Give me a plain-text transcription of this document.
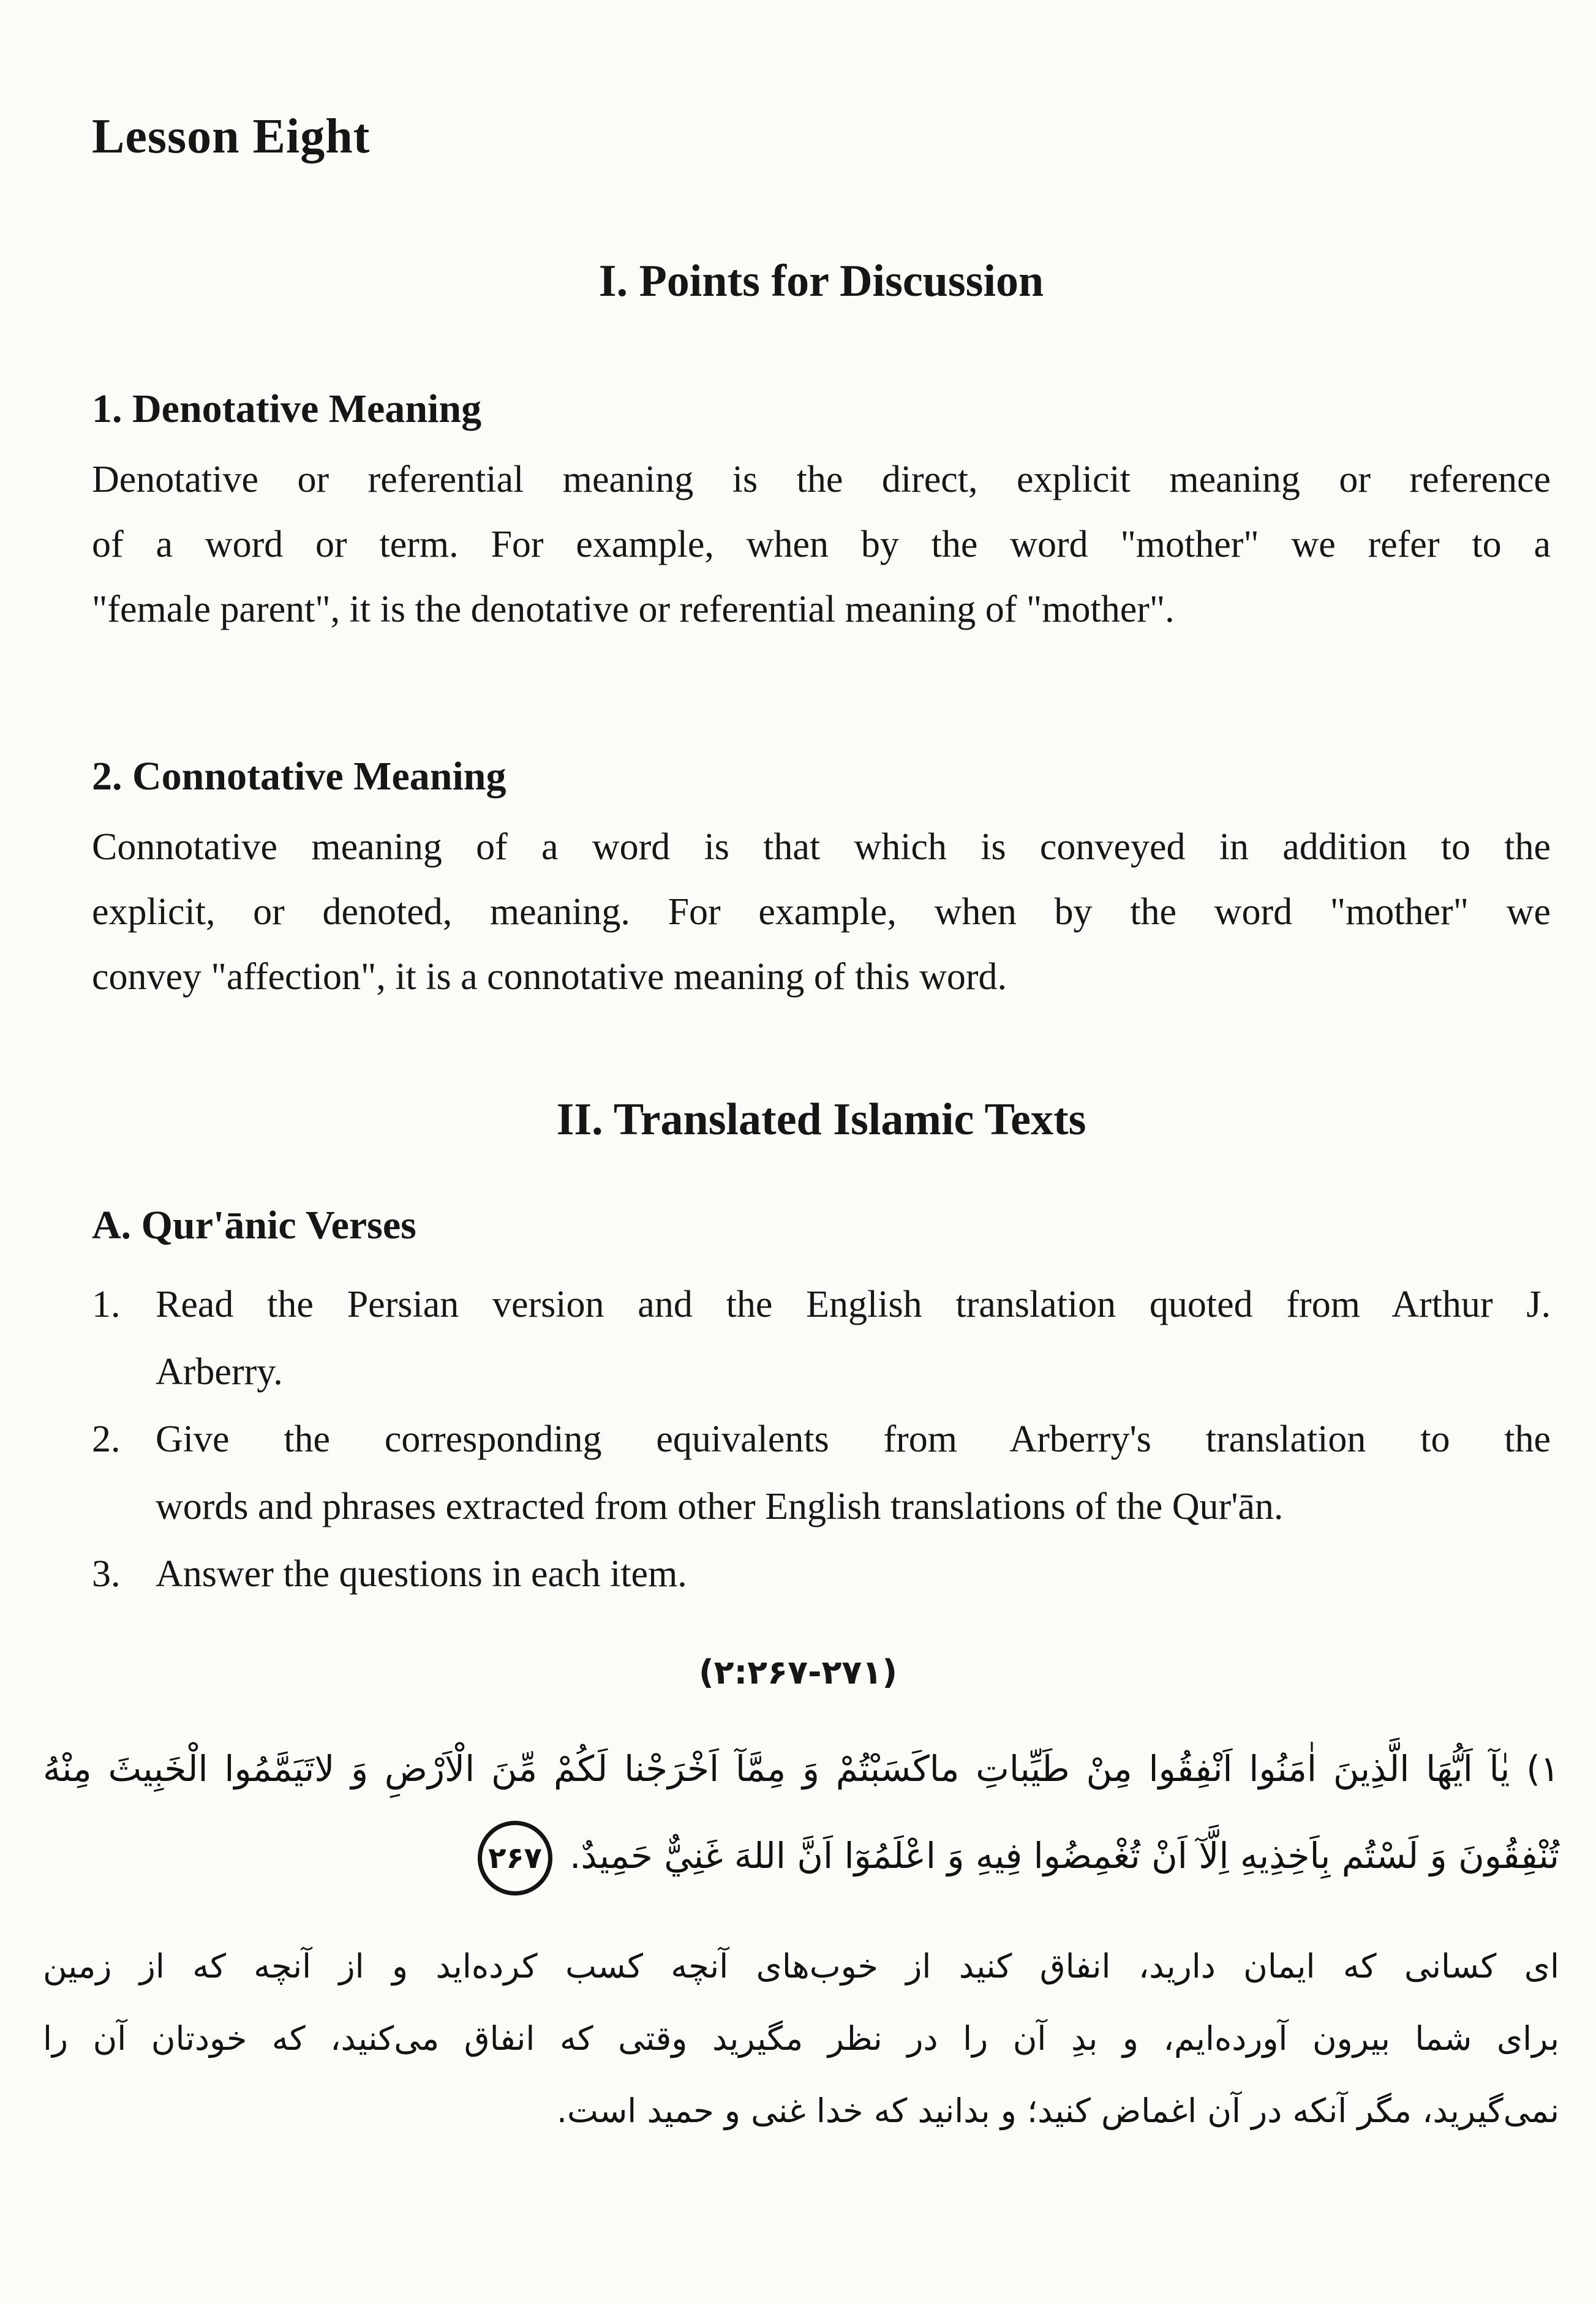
Lesson Eight
I. Points for Discussion
1. Denotative Meaning
Denotative or referential meaning is the direct, explicit meaning or reference
of a word or term. For example, when by the word "mother" we refer to a
"female parent", it is the denotative or referential meaning of "mother".
2. Connotative Meaning
Connotative meaning of a word is that which is conveyed in addition to the
explicit, or denoted, meaning. For example, when by the word "mother" we
convey "affection", it is a connotative meaning of this word.
II. Translated Islamic Texts
A. Qur'ānic Verses
1. Read the Persian version and the English translation quoted from Arthur J.
Arberry.
2. Give the corresponding equivalents from Arberry's translation to the
words and phrases extracted from other English translations of the Qur'ān.
3. Answer the questions in each item.
(۲:۲۶۷-۲۷۱)
۱) يٰآ اَيُّهَا الَّذِينَ اٰمَنُوا اَنْفِقُوا مِنْ طَيِّباتِ ماكَسَبْتُمْ وَ مِمَّآ اَخْرَجْنا لَكُمْ مِّنَ الْاَرْضِ وَ لاتَيَمَّمُوا الْخَبِيثَ مِنْهُ
تُنْفِقُونَ وَ لَسْتُم بِاَخِذِيهِ اِلَّآ اَنْ تُغْمِضُوا فِيهِ وَ اعْلَمُوٓا اَنَّ اللهَ غَنِيٌّ حَمِيدٌ.۲۶۷
ای کسانی که ایمان دارید، انفاق کنید از خوب‌های آنچه کسب کرده‌اید و از آنچه که از زمین
برای شما بیرون آورده‌ایم، و بدِ آن را در نظر مگیرید وقتی که انفاق می‌کنید، که خودتان آن را
نمی‌گیرید، مگر آنکه در آن اغماض کنید؛ و بدانید که خدا غنی و حمید است.
